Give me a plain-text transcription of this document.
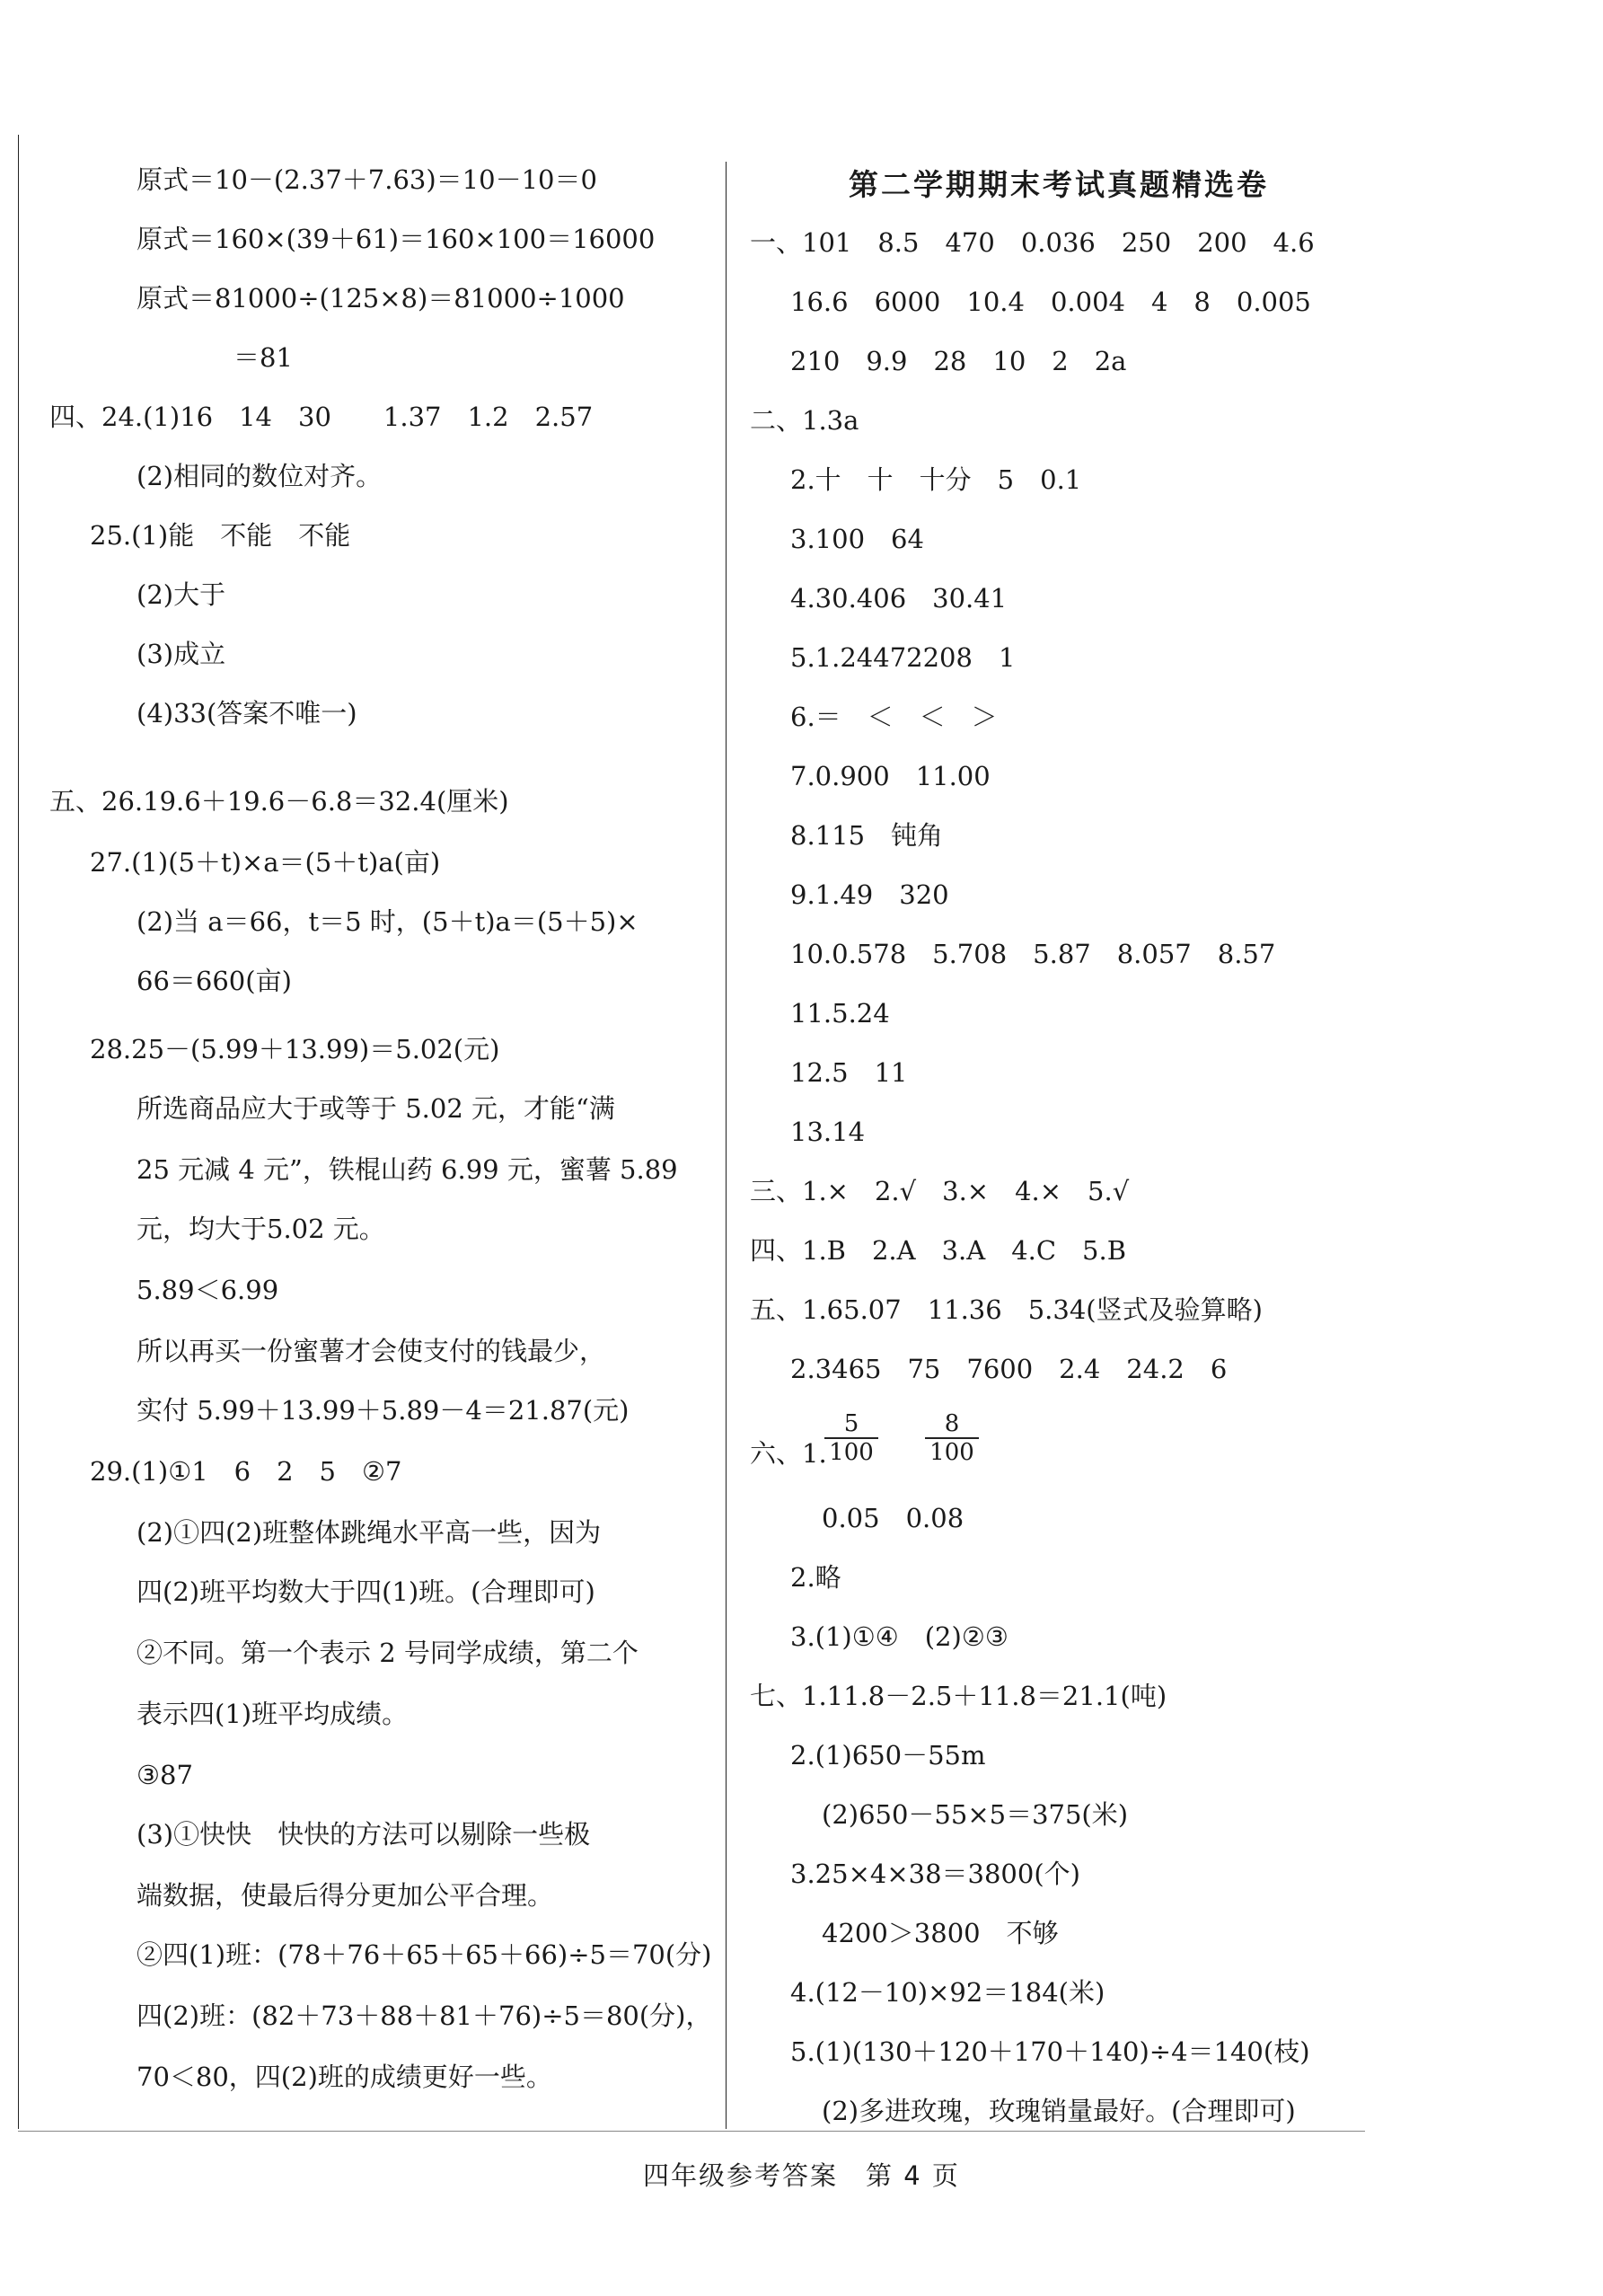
第二学期期末考试真题精选卷
原式＝10－(2.37＋7.63)＝10－10＝0
原式＝160×(39＋61)＝160×100＝16000
原式＝81000÷(125×8)＝81000÷1000
＝81
四、24.(1)16　14　30　　1.37　1.2　2.57
(2)相同的数位对齐。
25.(1)能　不能　不能
(2)大于
(3)成立
(4)33(答案不唯一)
五、26.19.6＋19.6－6.8＝32.4(厘米)
27.(1)(5＋t)×a＝(5＋t)a(亩)
(2)当 a＝66，t＝5 时，(5＋t)a＝(5＋5)×
66＝660(亩)
28.25－(5.99＋13.99)＝5.02(元)
所选商品应大于或等于 5.02 元，才能“满
25 元减 4 元”，铁棍山药 6.99 元，蜜薯 5.89
元，均大于5.02 元。
5.89＜6.99
所以再买一份蜜薯才会使支付的钱最少，
实付 5.99＋13.99＋5.89－4＝21.87(元)
29.(1)①1　6　2　5　②7
(2)①四(2)班整体跳绳水平高一些，因为
四(2)班平均数大于四(1)班。(合理即可)
②不同。第一个表示 2 号同学成绩，第二个
表示四(1)班平均成绩。
③87
(3)①快快　快快的方法可以剔除一些极
端数据，使最后得分更加公平合理。
②四(1)班：(78＋76＋65＋65＋66)÷5＝70(分)
四(2)班：(82＋73＋88＋81＋76)÷5＝80(分)，
70＜80，四(2)班的成绩更好一些。
一、101　8.5　470　0.036　250　200　4.6
16.6　6000　10.4　0.004　4　8　0.005
210　9.9　28　10　2　2a
二、1.3a
2.十　十　十分　5　0.1
3.100　64
4.30.406　30.41
5.1.24472208　1
6.＝　＜　＜　＞
7.0.900　11.00
8.115　钝角
9.1.49　320
10.0.578　5.708　5.87　8.057　8.57
11.5.24
12.5　11
13.14
三、1.×　2.√　3.×　4.×　5.√
四、1.B　2.A　3.A　4.C　5.B
五、1.65.07　11.36　5.34(竖式及验算略)
2.3465　75　7600　2.4　24.2　6
六、1.
$\frac{5}{100} \frac{8}{100}$
0.05　0.08
2.略
3.(1)①④　(2)②③
七、1.11.8－2.5＋11.8＝21.1(吨)
2.(1)650－55m
(2)650－55×5＝375(米)
3.25×4×38＝3800(个)
4200＞3800　不够
4.(12－10)×92＝184(米)
5.(1)(130＋120＋170＋140)÷4＝140(枝)
(2)多进玫瑰，玫瑰销量最好。(合理即可)
四年级参考答案　第 4 页
